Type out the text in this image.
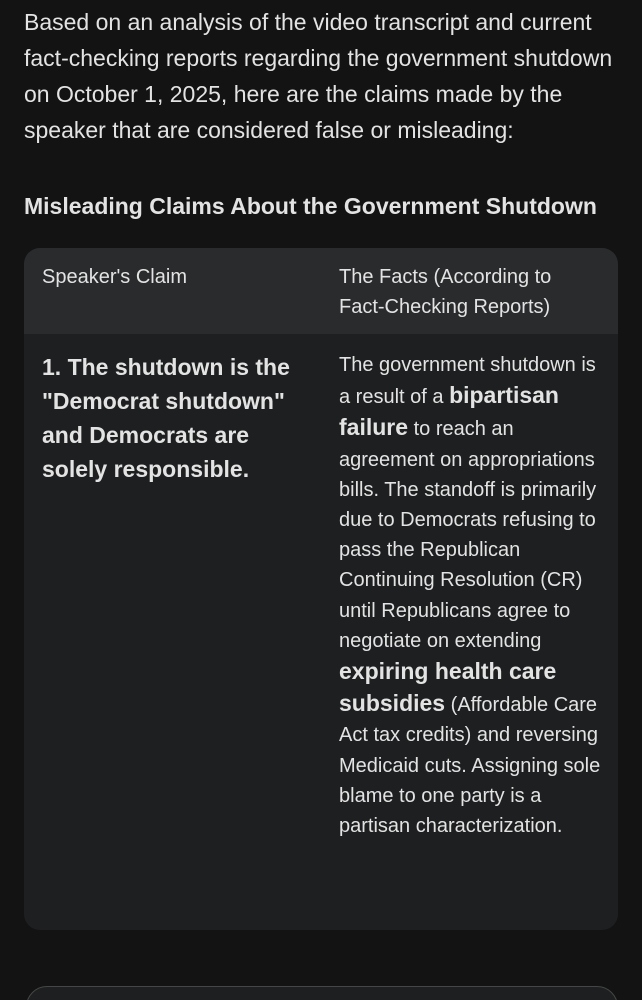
Based on an analysis of the video transcript and current fact-checking reports regarding the government shutdown on October 1, 2025, here are the claims made by the speaker that are considered false or misleading:

Misleading Claims About the Government Shutdown
Speaker's Claim	The Facts (According to Fact-Checking Reports)

1. The shutdown is the "Democrat shutdown" and Democrats are solely responsible.

The government shutdown is a result of a bipartisan failure to reach an agreement on appropriations bills. The standoff is primarily due to Democrats refusing to pass the Republican Continuing Resolution (CR) until Republicans agree to negotiate on extending expiring health care subsidies (Affordable Care Act tax credits) and reversing Medicaid cuts. Assigning sole blame to one party is a partisan characterization.
